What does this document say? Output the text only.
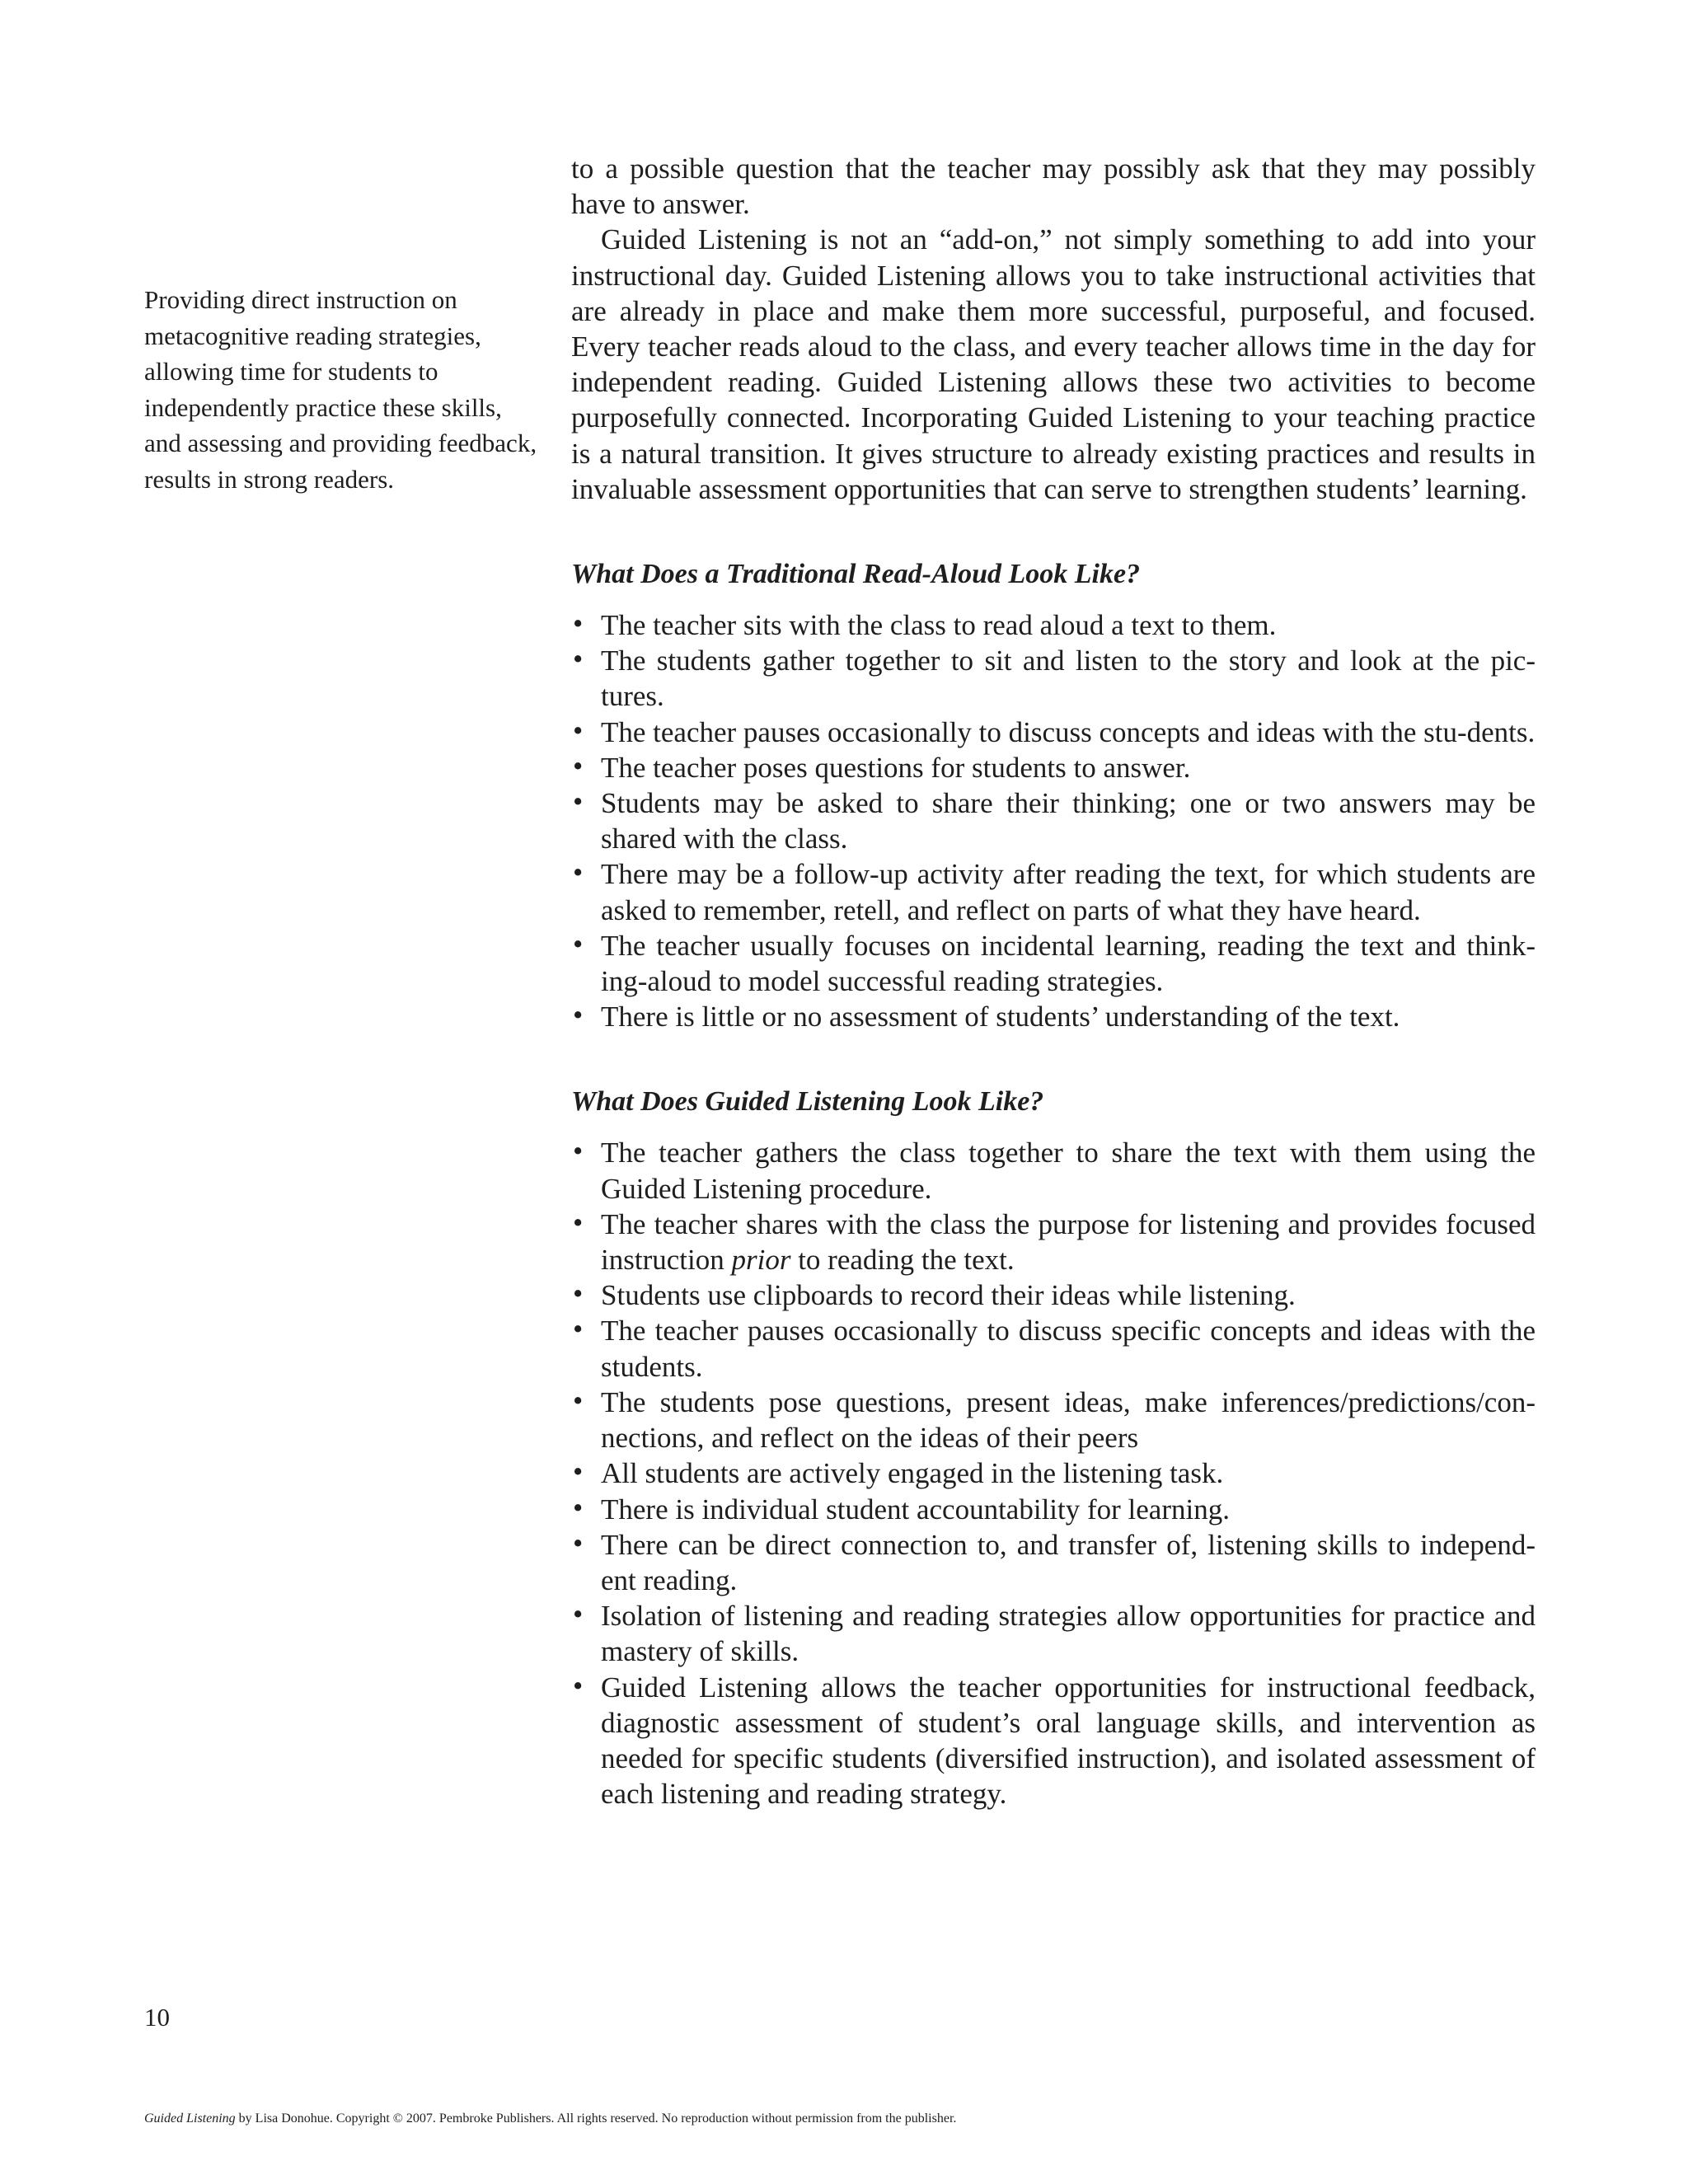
Providing direct instruction on metacognitive reading strategies, allowing time for students to independently practice these skills, and assessing and providing feedback, results in strong readers.

to a possible question that the teacher may possibly ask that they may possibly have to answer.

Guided Listening is not an “add-on,” not simply something to add into your instructional day. Guided Listening allows you to take instructional activities that are already in place and make them more successful, purposeful, and focused. Every teacher reads aloud to the class, and every teacher allows time in the day for independent reading. Guided Listening allows these two activities to become purposefully connected. Incorporating Guided Listening to your teaching practice is a natural transition. It gives structure to already existing practices and results in invaluable assessment opportunities that can serve to strengthen students’ learning.

What Does a Traditional Read-Aloud Look Like?
• The teacher sits with the class to read aloud a text to them.
• The students gather together to sit and listen to the story and look at the pic-tures.
• The teacher pauses occasionally to discuss concepts and ideas with the stu-dents.
• The teacher poses questions for students to answer.
• Students may be asked to share their thinking; one or two answers may be shared with the class.
• There may be a follow-up activity after reading the text, for which students are asked to remember, retell, and reflect on parts of what they have heard.
• The teacher usually focuses on incidental learning, reading the text and think-ing-aloud to model successful reading strategies.
• There is little or no assessment of students’ understanding of the text.
What Does Guided Listening Look Like?
• The teacher gathers the class together to share the text with them using the Guided Listening procedure.
• The teacher shares with the class the purpose for listening and provides focused instruction prior to reading the text.
• Students use clipboards to record their ideas while listening.
• The teacher pauses occasionally to discuss specific concepts and ideas with the students.
• The students pose questions, present ideas, make inferences/predictions/con-nections, and reflect on the ideas of their peers
• All students are actively engaged in the listening task.
• There is individual student accountability for learning.
• There can be direct connection to, and transfer of, listening skills to independ-ent reading.
• Isolation of listening and reading strategies allow opportunities for practice and mastery of skills.
• Guided Listening allows the teacher opportunities for instructional feedback, diagnostic assessment of student’s oral language skills, and intervention as needed for specific students (diversified instruction), and isolated assessment of each listening and reading strategy.
10
Guided Listening by Lisa Donohue. Copyright © 2007. Pembroke Publishers. All rights reserved. No reproduction without permission from the publisher.
